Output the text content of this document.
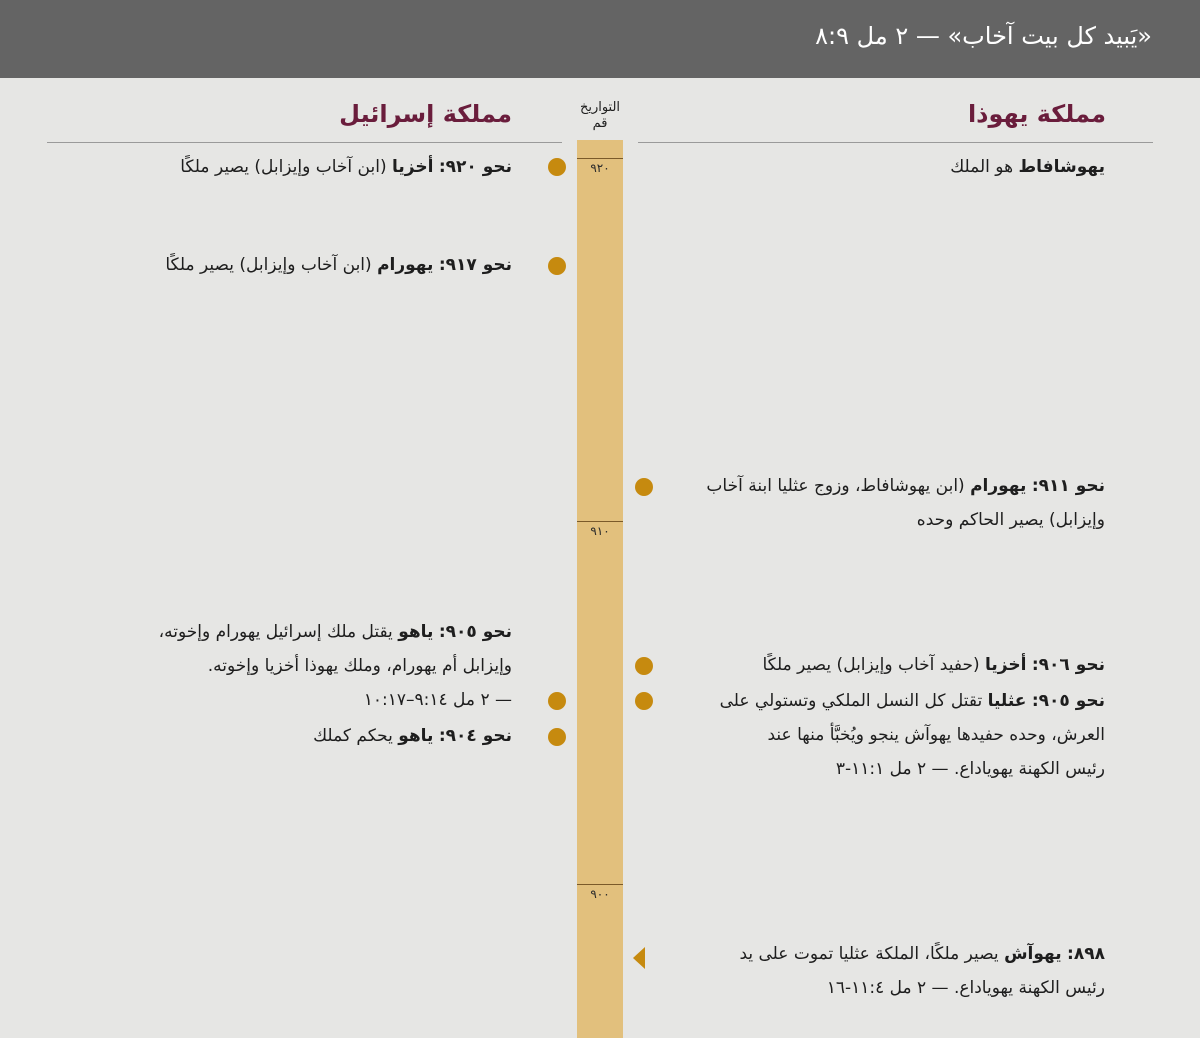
«يَبيد كل بيت آخاب» — ٢ مل ٨:٩
مملكة يهوذا
مملكة إسرائيل	التواريخ
قم
٩٢٠
٩١٠
٩٠٠
نحو ٩٢٠: أخزيا (ابن آخاب وإيزابل) يصير ملكًا
نحو ٩١٧: يهورام (ابن آخاب وإيزابل) يصير ملكًا
نحو ٩٠٥: ياهو يقتل ملك إسرائيل يهورام وإخوته،
وإيزابل أم يهورام، وملك يهوذا أخزيا وإخوته.
— ٢ مل ٩:١٤–١٠:١٧
نحو ٩٠٤: ياهو يحكم كملك
يهوشافاط هو الملك
نحو ٩١١: يهورام (ابن يهوشافاط، وزوج عثليا ابنة آخاب
وإيزابل) يصير الحاكم وحده
نحو ٩٠٦: أخزيا (حفيد آخاب وإيزابل) يصير ملكًا
نحو ٩٠٥: عثليا تقتل كل النسل الملكي وتستولي على
العرش، وحده حفيدها يهوآش ينجو ويُخبَّأ منها عند
رئيس الكهنة يهوياداع. — ٢ مل ١١:١-٣
٨٩٨: يهوآش يصير ملكًا، الملكة عثليا تموت على يد
رئيس الكهنة يهوياداع. — ٢ مل ١١:٤-١٦
